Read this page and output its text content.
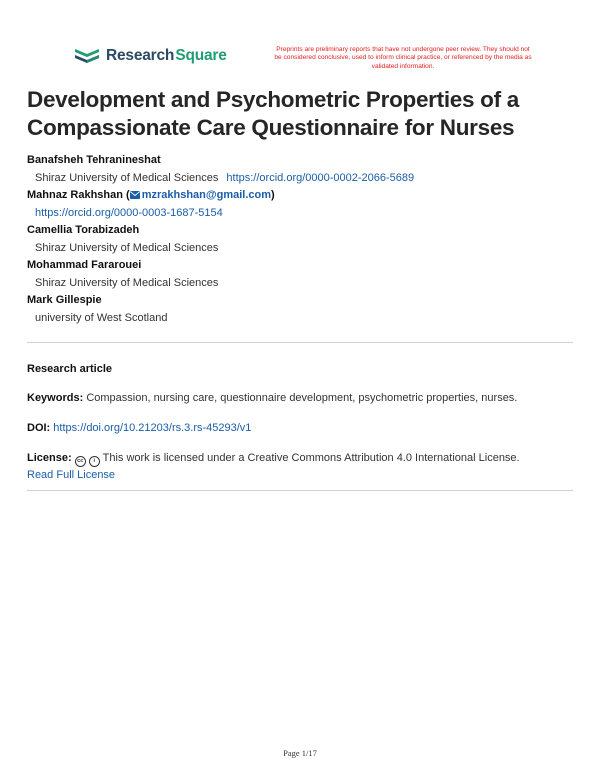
Research Square	Preprints are preliminary reports that have not undergone peer review. They should not be considered conclusive, used to inform clinical practice, or referenced by the media as validated information.
Development and Psychometric Properties of a Compassionate Care Questionnaire for Nurses
Banafsheh Tehranineshat
Shiraz University of Medical Sciences https://orcid.org/0000-0002-2066-5689
Mahnaz Rakhshan ( mzrakhshan@gmail.com)
https://orcid.org/0000-0003-1687-5154
Camellia Torabizadeh
Shiraz University of Medical Sciences
Mohammad Fararouei
Shiraz University of Medical Sciences
Mark Gillespie
university of West Scotland
Research article
Keywords: Compassion, nursing care, questionnaire development, psychometric properties, nurses.
DOI: https://doi.org/10.21203/rs.3.rs-45293/v1
License: cc i This work is licensed under a Creative Commons Attribution 4.0 International License.
Read Full License
Page 1/17
